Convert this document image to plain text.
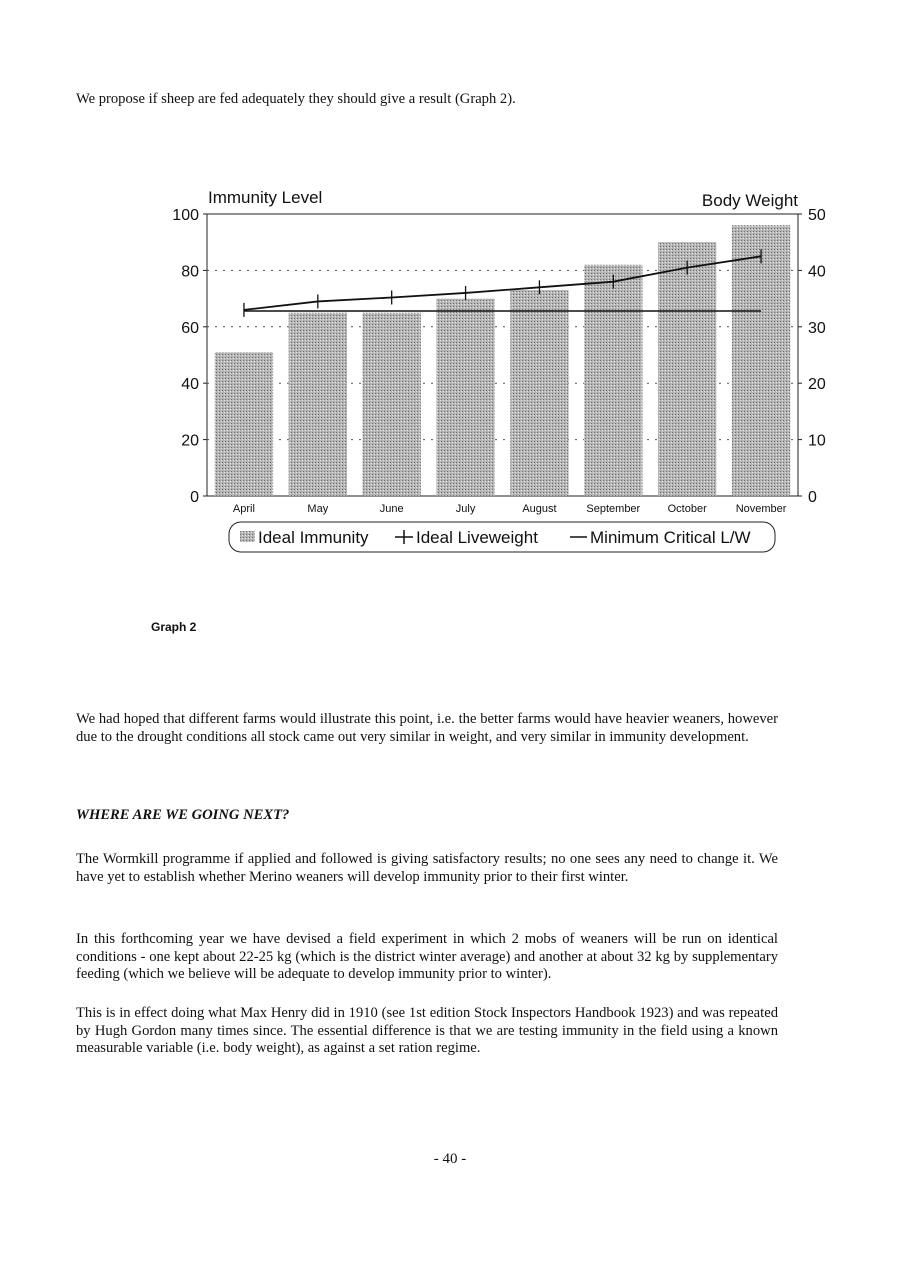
We propose if sheep are fed adequately they should give a result (Graph 2).
0
20
40
60
80
100
0
10
20
30
40
50
April	May	June	July	August	September October	November
Immunity Level	Body Weight
Ideal Immunity	Ideal Liveweight	Minimum Critical L/W
Graph 2
We had hoped that different farms would illustrate this point, i.e. the better farms would have heavier weaners, however due to the drought conditions all stock came out very similar in weight, and very similar in immunity development.
WHERE ARE WE GOING NEXT?
The Wormkill programme if applied and followed is giving satisfactory results; no one sees any need to change it. We have yet to establish whether Merino weaners will develop immunity prior to their first winter.
In this forthcoming year we have devised a field experiment in which 2 mobs of weaners will be run on identical conditions - one kept about 22-25 kg (which is the district winter average) and another at about 32 kg by supplementary feeding (which we believe will be adequate to develop immunity prior to winter).
This is in effect doing what Max Henry did in 1910 (see 1st edition Stock Inspectors Handbook 1923) and was repeated by Hugh Gordon many times since. The essential difference is that we are testing immunity in the field using a known measurable variable (i.e. body weight), as against a set ration regime.
- 40 -
